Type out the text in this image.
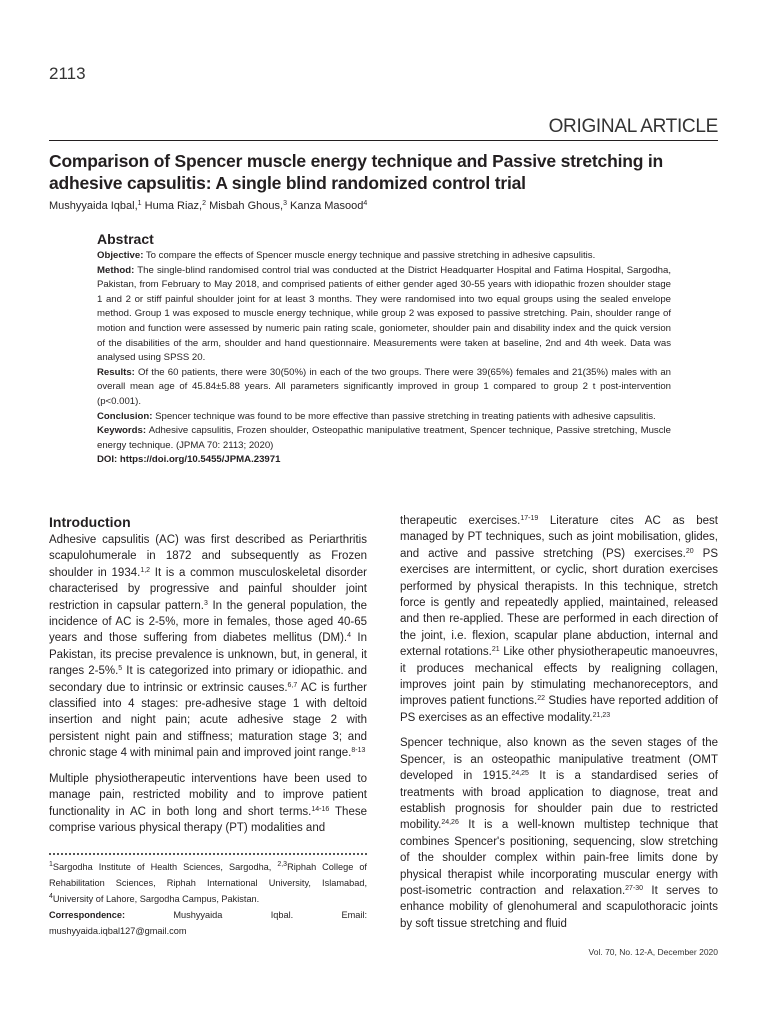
2113
ORIGINAL ARTICLE
Comparison of Spencer muscle energy technique and Passive stretching in adhesive capsulitis: A single blind randomized control trial
Mushyyaida Iqbal,$^1$ Huma Riaz,$^2$ Misbah Ghous,$^3$ Kanza Masood$^4$
Abstract

Objective: To compare the effects of Spencer muscle energy technique and passive stretching in adhesive capsulitis.

Method: The single-blind randomised control trial was conducted at the District Headquarter Hospital and Fatima Hospital, Sargodha, Pakistan, from February to May 2018, and comprised patients of either gender aged 30-55 years with idiopathic frozen shoulder stage 1 and 2 or stiff painful shoulder joint for at least 3 months. They were randomised into two equal groups using the sealed envelope method. Group 1 was exposed to muscle energy technique, while group 2 was exposed to passive stretching. Pain, shoulder range of motion and function were assessed by numeric pain rating scale, goniometer, shoulder pain and disability index and the quick version of the disabilities of the arm, shoulder and hand questionnaire. Measurements were taken at baseline, 2nd and 4th week. Data was analysed using SPSS 20.

Results: Of the 60 patients, there were 30(50%) in each of the two groups. There were 39(65%) females and 21(35%) males with an overall mean age of 45.84±5.88 years. All parameters significantly improved in group 1 compared to group 2 t post-intervention (p<0.001).

Conclusion: Spencer technique was found to be more effective than passive stretching in treating patients with adhesive capsulitis.

Keywords: Adhesive capsulitis, Frozen shoulder, Osteopathic manipulative treatment, Spencer technique, Passive stretching, Muscle energy technique. (JPMA 70: 2113; 2020)

DOI: https://doi.org/10.5455/JPMA.23971

Introduction

Adhesive capsulitis (AC) was first described as Periarthritis scapulohumerale in 1872 and subsequently as Frozen shoulder in 1934.$^{1,2}$ It is a common musculoskeletal disorder characterised by progressive and painful shoulder joint restriction in capsular pattern.$^3$ In the general population, the incidence of AC is 2-5%, more in females, those aged 40-65 years and those suffering from diabetes mellitus (DM).$^4$ In Pakistan, its precise prevalence is unknown, but, in general, it ranges 2-5%.$^5$ It is categorized into primary or idiopathic. and secondary due to intrinsic or extrinsic causes.$^{6,7}$ AC is further classified into 4 stages: pre-adhesive stage 1 with deltoid insertion and night pain; acute adhesive stage 2 with persistent night pain and stiffness; maturation stage 3; and chronic stage 4 with minimal pain and improved joint range.$^{8-13}$

Multiple physiotherapeutic interventions have been used to manage pain, restricted mobility and to improve patient functionality in AC in both long and short terms.$^{14-16}$ These comprise various physical therapy (PT) modalities and

$^1$Sargodha Institute of Health Sciences, Sargodha, $^{2,3}$Riphah College of Rehabilitation Sciences, Riphah International University, Islamabad, $^4$University of Lahore, Sargodha Campus, Pakistan.

Correspondence: Mushyyaida Iqbal. Email: mushyyaida.iqbal127@gmail.com

therapeutic exercises.$^{17-19}$ Literature cites AC as best managed by PT techniques, such as joint mobilisation, glides, and active and passive stretching (PS) exercises.$^{20}$ PS exercises are intermittent, or cyclic, short duration exercises performed by physical therapists. In this technique, stretch force is gently and repeatedly applied, maintained, released and then re-applied. These are performed in each direction of the joint, i.e. flexion, scapular plane abduction, internal and external rotations.$^{21}$ Like other physiotherapeutic manoeuvres, it produces mechanical effects by realigning collagen, improves joint pain by stimulating mechanoreceptors, and improves patient functions.$^{22}$ Studies have reported addition of PS exercises as an effective modality.$^{21,23}$

Spencer technique, also known as the seven stages of the Spencer, is an osteopathic manipulative treatment (OMT developed in 1915.$^{24,25}$ It is a standardised series of treatments with broad application to diagnose, treat and establish prognosis for shoulder pain due to restricted mobility.$^{24,26}$ It is a well-known multistep technique that combines Spencer's positioning, sequencing, slow stretching of the shoulder complex within pain-free limits done by physical therapist while incorporating muscular energy with post-isometric contraction and relaxation.$^{27-30}$ It serves to enhance mobility of glenohumeral and scapulothoracic joints by soft tissue stretching and fluid

Vol. 70, No. 12-A, December 2020
